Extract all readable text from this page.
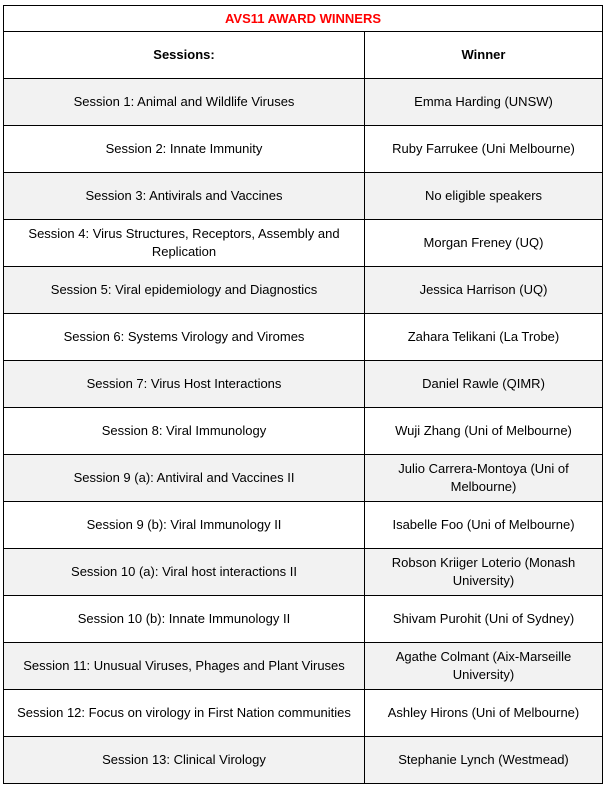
AVS11 AWARD WINNERS	
Sessions:	Winner
Session 1: Animal and Wildlife Viruses	Emma Harding (UNSW)
Session 2: Innate Immunity	Ruby Farrukee (Uni Melbourne)
Session 3: Antivirals and Vaccines	No eligible speakers
Session 4: Virus Structures, Receptors, Assembly and Replication	Morgan Freney (UQ)
Session 5: Viral epidemiology and Diagnostics	Jessica Harrison (UQ)
Session 6: Systems Virology and Viromes	Zahara Telikani (La Trobe)
Session 7: Virus Host Interactions	Daniel Rawle (QIMR)
Session 8: Viral Immunology	Wuji Zhang (Uni of Melbourne)
Session 9 (a): Antiviral and Vaccines II	Julio Carrera-Montoya (Uni of Melbourne)
Session 9 (b): Viral Immunology II	Isabelle Foo (Uni of Melbourne)
Session 10 (a): Viral host interactions II	Robson Kriiger Loterio (Monash University)
Session 10 (b): Innate Immunology II	Shivam Purohit (Uni of Sydney)
Session 11: Unusual Viruses, Phages and Plant Viruses	Agathe Colmant (Aix-Marseille University)
Session 12: Focus on virology in First Nation communities	Ashley Hirons (Uni of Melbourne)
Session 13: Clinical Virology	Stephanie Lynch (Westmead)
